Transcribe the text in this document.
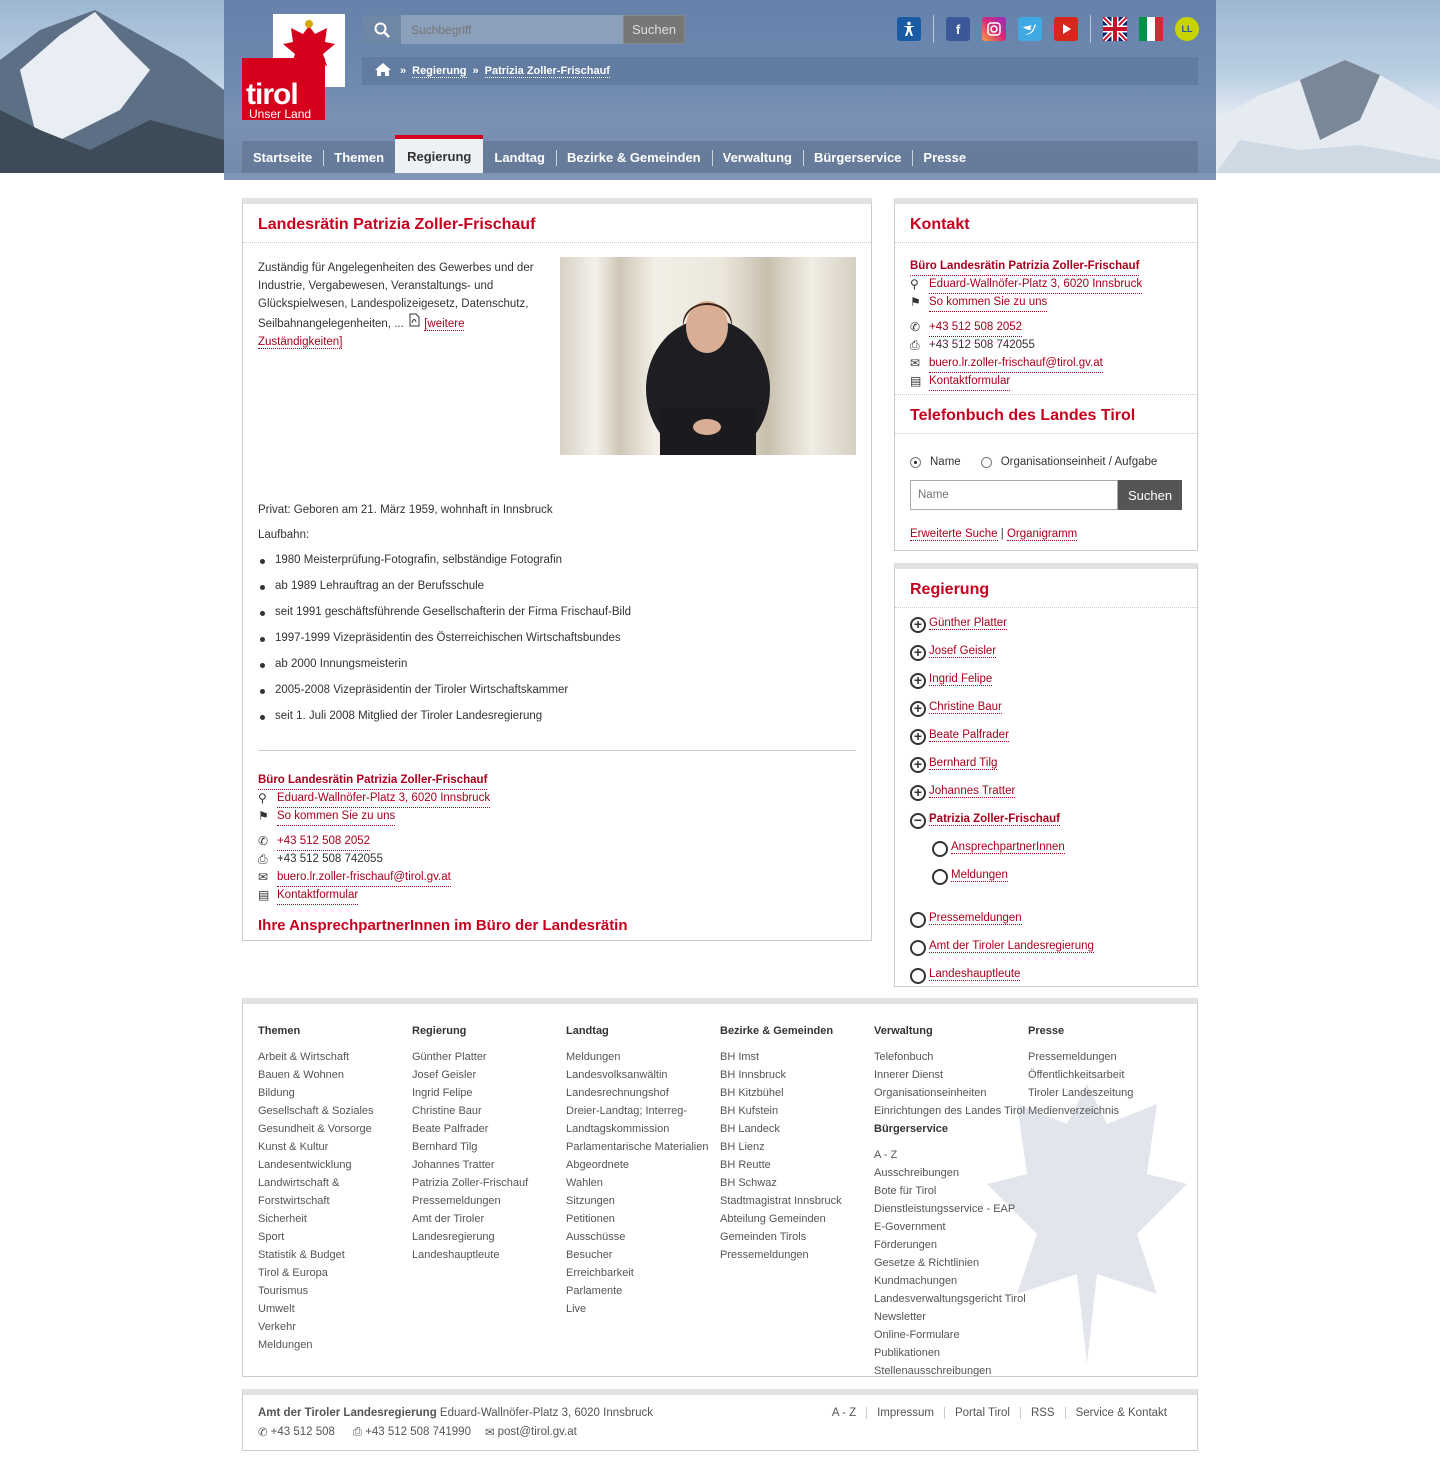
tirol
Unser Land
Suchbegriff
Suchen
» Regierung » Patrizia Zoller-Frischauf
f	LL
Startseite	Themen	Regierung	Landtag	Bezirke & Gemeinden	Verwaltung	Bürgerservice	Presse
Landesrätin Patrizia Zoller-Frischauf
Zuständig für Angelegenheiten des Gewerbes und der Industrie, Vergabewesen, Veranstaltungs- und Glückspielwesen, Landespolizeigesetz, Datenschutz, Seilbahnangelegenheiten, ... [weitere Zuständigkeiten]
Privat: Geboren am 21. März 1959, wohnhaft in Innsbruck
Laufbahn:
1980 Meisterprüfung-Fotografin, selbständige Fotografin
ab 1989 Lehrauftrag an der Berufsschule
seit 1991 geschäftsführende Gesellschafterin der Firma Frischauf-Bild
1997-1999 Vizepräsidentin des Österreichischen Wirtschaftsbundes
ab 2000 Innungsmeisterin
2005-2008 Vizepräsidentin der Tiroler Wirtschaftskammer
seit 1. Juli 2008 Mitglied der Tiroler Landesregierung
Büro Landesrätin Patrizia Zoller-Frischauf
⚲ Eduard-Wallnöfer-Platz 3, 6020 Innsbruck
⚑ So kommen Sie zu uns
✆ +43 512 508 2052
⎙ +43 512 508 742055
✉ buero.lr.zoller-frischauf@tirol.gv.at
▤ Kontaktformular
Ihre AnsprechpartnerInnen im Büro der Landesrätin
Kontakt
Büro Landesrätin Patrizia Zoller-Frischauf
⚲ Eduard-Wallnöfer-Platz 3, 6020 Innsbruck
⚑ So kommen Sie zu uns
✆ +43 512 508 2052
⎙ +43 512 508 742055
✉ buero.lr.zoller-frischauf@tirol.gv.at
▤ Kontaktformular
Telefonbuch des Landes Tirol
Name	Organisationseinheit / Aufgabe
Name
Suchen
Erweiterte Suche | Organigramm
Regierung
+ Günther Platter
+ Josef Geisler
+ Ingrid Felipe
+ Christine Baur
+ Beate Palfrader
+ Bernhard Tilg
+ Johannes Tratter
− Patrizia Zoller-Frischauf
AnsprechpartnerInnen
Meldungen
Pressemeldungen
Amt der Tiroler Landesregierung
Landeshauptleute
Themen
Arbeit & Wirtschaft
Bauen & Wohnen
Bildung
Gesellschaft & Soziales
Gesundheit & Vorsorge
Kunst & Kultur
Landesentwicklung
Landwirtschaft &
Forstwirtschaft
Sicherheit
Sport
Statistik & Budget
Tirol & Europa
Tourismus
Umwelt
Verkehr
Meldungen
Regierung
Günther Platter
Josef Geisler
Ingrid Felipe
Christine Baur
Beate Palfrader
Bernhard Tilg
Johannes Tratter
Patrizia Zoller-Frischauf
Pressemeldungen
Amt der Tiroler
Landesregierung
Landeshauptleute
Landtag
Meldungen
Landesvolksanwältin
Landesrechnungshof
Dreier-Landtag; Interreg-
Landtagskommission
Parlamentarische Materialien
Abgeordnete
Wahlen
Sitzungen
Petitionen
Ausschüsse
Besucher
Erreichbarkeit
Parlamente
Live
Bezirke & Gemeinden
BH Imst
BH Innsbruck
BH Kitzbühel
BH Kufstein
BH Landeck
BH Lienz
BH Reutte
BH Schwaz
Stadtmagistrat Innsbruck
Abteilung Gemeinden
Gemeinden Tirols
Pressemeldungen
Verwaltung
Telefonbuch
Innerer Dienst
Organisationseinheiten
Einrichtungen des Landes Tirol
Bürgerservice
A - Z
Ausschreibungen
Bote für Tirol
Dienstleistungsservice - EAP
E-Government
Förderungen
Gesetze & Richtlinien
Kundmachungen
Landesverwaltungsgericht Tirol
Newsletter
Online-Formulare
Publikationen
Stellenausschreibungen
Presse
Pressemeldungen
Öffentlichkeitsarbeit
Tiroler Landeszeitung
Medienverzeichnis
Amt der Tiroler Landesregierung Eduard-Wallnöfer-Platz 3, 6020 Innsbruck
✆ +43 512 508 ⎙ +43 512 508 741990 ✉ post@tirol.gv.at
A - Z	Impressum	Portal Tirol	RSS	Service & Kontakt
